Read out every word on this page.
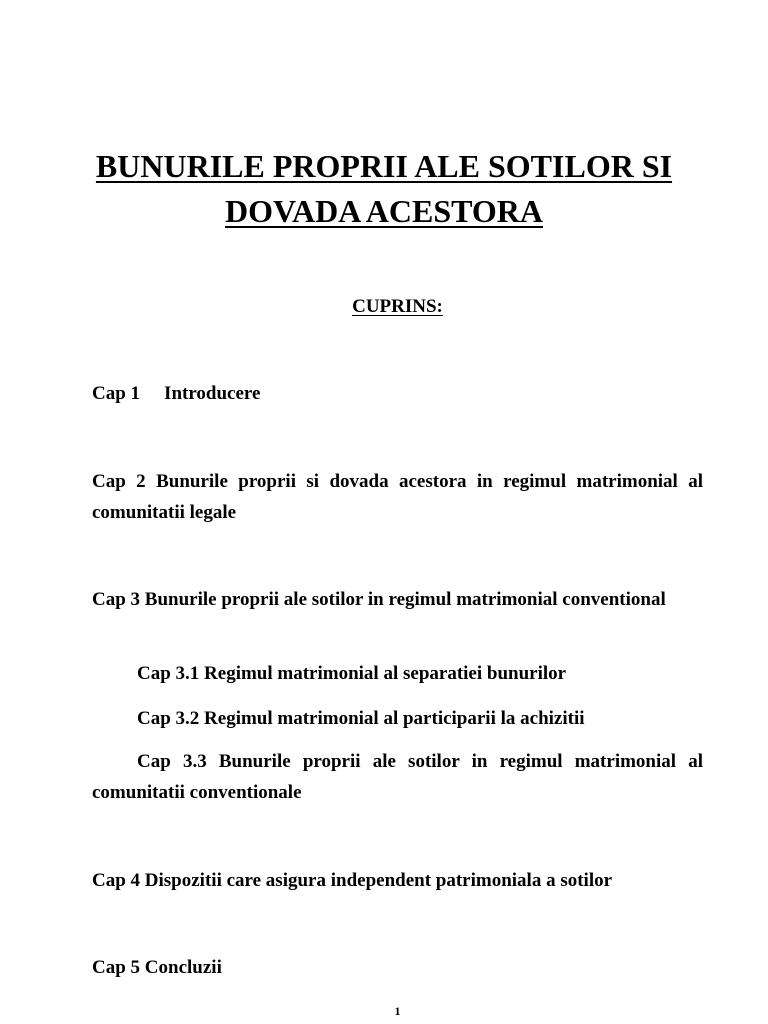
BUNURILE PROPRII ALE SOTILOR SI
DOVADA ACESTORA

CUPRINS:

Cap 1 Introducere

Cap 2 Bunurile proprii si dovada acestora in regimul matrimonial al comunitatii legale

Cap 3 Bunurile proprii ale sotilor in regimul matrimonial conventional

Cap 3.1 Regimul matrimonial al separatiei bunurilor

Cap 3.2 Regimul matrimonial al participarii la achizitii

Cap 3.3 Bunurile proprii ale sotilor in regimul matrimonial al comunitatii conventionale

Cap 4 Dispozitii care asigura independent patrimoniala a sotilor

Cap 5 Concluzii

1
